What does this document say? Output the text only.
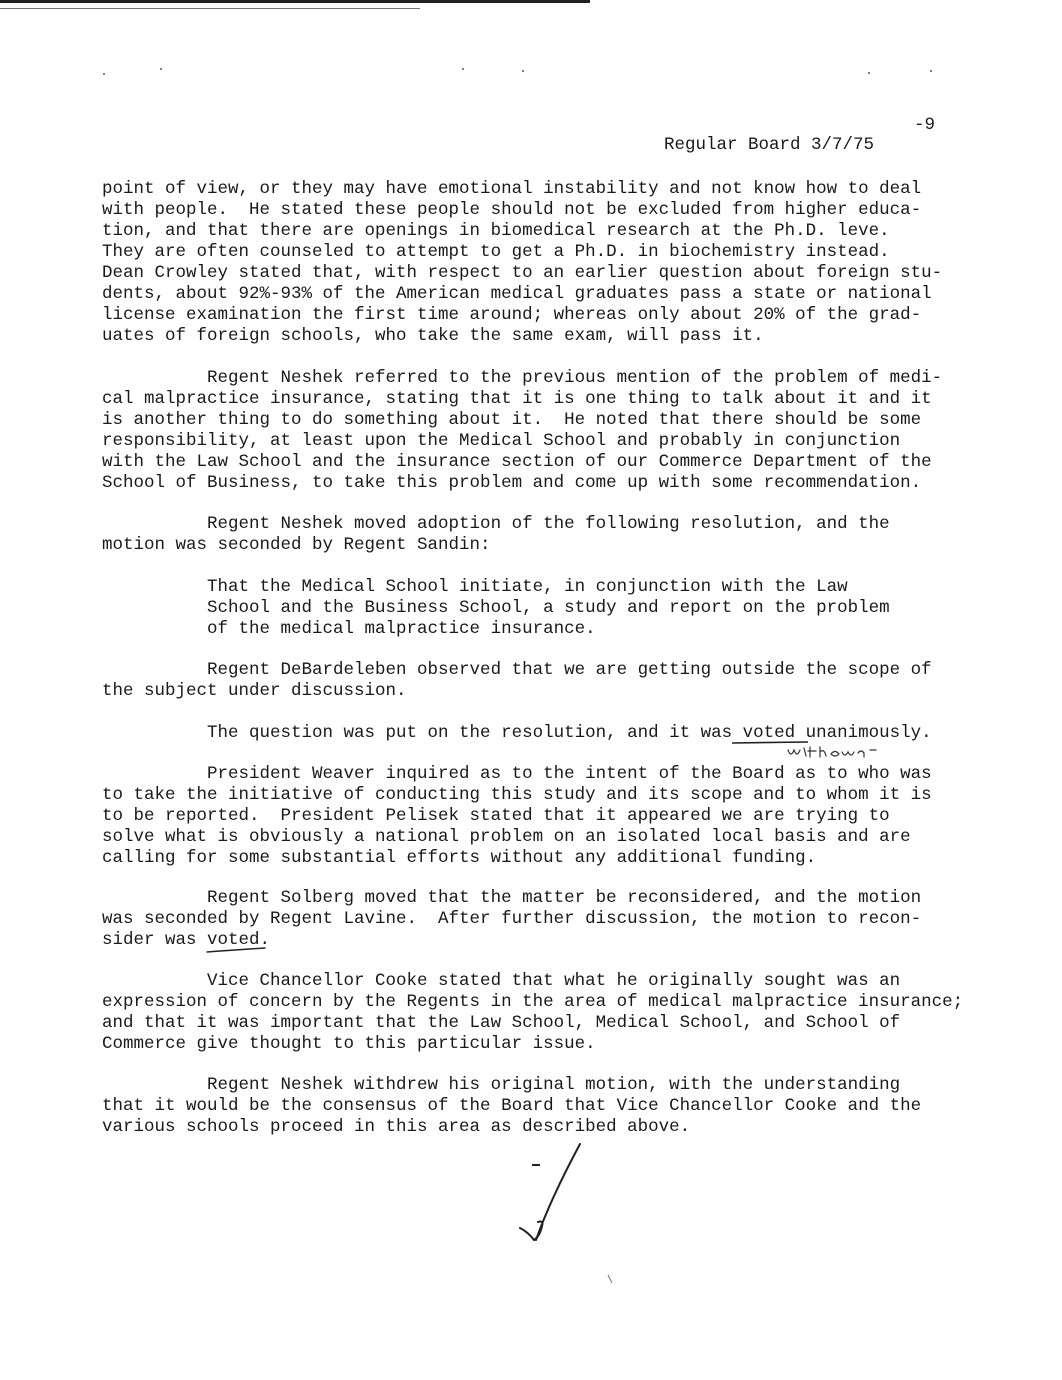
Regular Board 3/7/75

-9

point of view, or they may have emotional instability and not know how to deal
with people.  He stated these people should not be excluded from higher educa-
tion, and that there are openings in biomedical research at the Ph.D. leve.
They are often counseled to attempt to get a Ph.D. in biochemistry instead.
Dean Crowley stated that, with respect to an earlier question about foreign stu-
dents, about 92%-93% of the American medical graduates pass a state or national
license examination the first time around; whereas only about 20% of the grad-
uates of foreign schools, who take the same exam, will pass it.
Regent Neshek referred to the previous mention of the problem of medi-
cal malpractice insurance, stating that it is one thing to talk about it and it
is another thing to do something about it.  He noted that there should be some
responsibility, at least upon the Medical School and probably in conjunction
with the Law School and the insurance section of our Commerce Department of the
School of Business, to take this problem and come up with some recommendation.
Regent Neshek moved adoption of the following resolution, and the
motion was seconded by Regent Sandin:
That the Medical School initiate, in conjunction with the Law
School and the Business School, a study and report on the problem
of the medical malpractice insurance.
Regent DeBardeleben observed that we are getting outside the scope of
the subject under discussion.
The question was put on the resolution, and it was voted unanimously.
President Weaver inquired as to the intent of the Board as to who was
to take the initiative of conducting this study and its scope and to whom it is
to be reported.  President Pelisek stated that it appeared we are trying to
solve what is obviously a national problem on an isolated local basis and are
calling for some substantial efforts without any additional funding.
Regent Solberg moved that the matter be reconsidered, and the motion
was seconded by Regent Lavine.  After further discussion, the motion to recon-
sider was voted.
Vice Chancellor Cooke stated that what he originally sought was an
expression of concern by the Regents in the area of medical malpractice insurance;
and that it was important that the Law School, Medical School, and School of
Commerce give thought to this particular issue.
Regent Neshek withdrew his original motion, with the understanding
that it would be the consensus of the Board that Vice Chancellor Cooke and the
various schools proceed in this area as described above.
